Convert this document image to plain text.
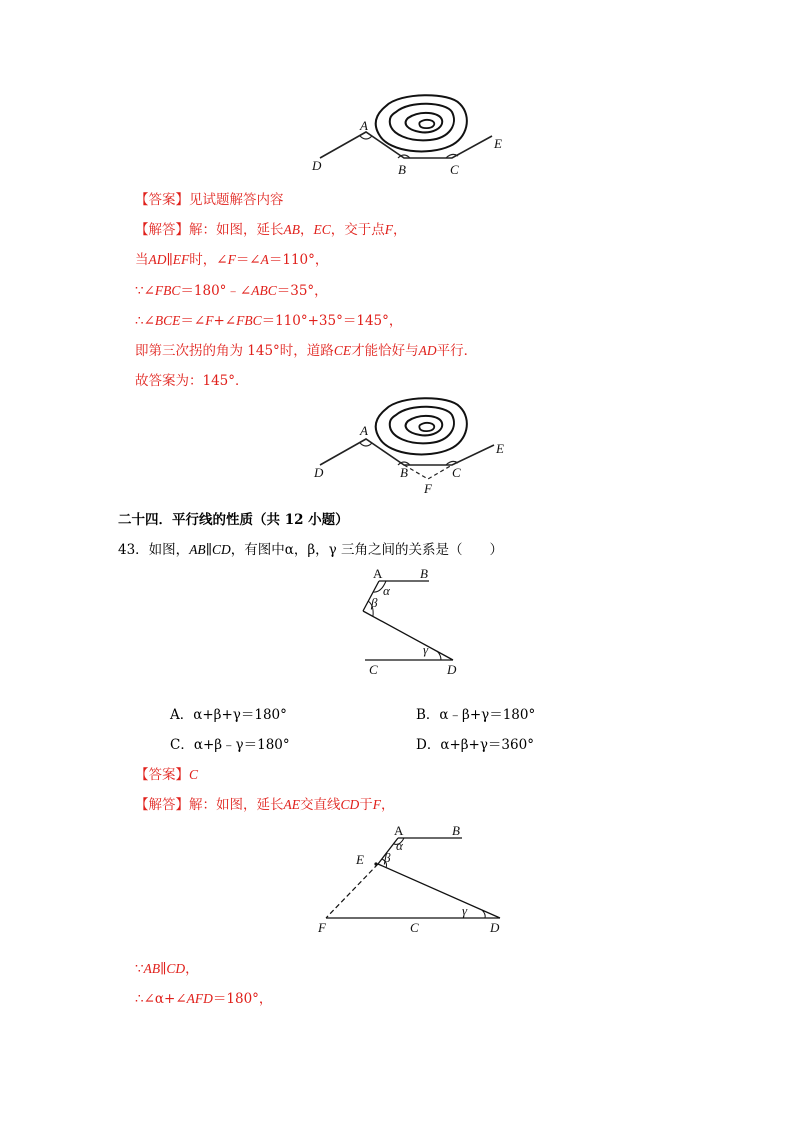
A
B	C
D
E
【答案】见试题解答内容
【解答】解：如图，延长AB，EC，交于点F，
当AD∥EF时，∠F＝∠A＝110°，
∵∠FBC＝180°﹣∠ABC＝35°，
∴∠BCE＝∠F+∠FBC＝110°+35°＝145°，
即第三次拐的角为 145°时，道路CE才能恰好与AD平行．
故答案为：145°．
A
B	C
D
E
F
二十四．平行线的性质（共 12 小题）
43．如图，AB∥CD，有图中α，β，γ 三角之间的关系是（　　）
A	B
C	D
α
β
γ
A．α+β+γ＝180°	B．α﹣β+γ＝180°
C．α+β﹣γ＝180°	D．α+β+γ＝360°
【答案】C
【解答】解：如图，延长AE交直线CD于F，
A	B
C	D
E
F
α
β
γ
∵AB∥CD，
∴∠α+∠AFD＝180°，
